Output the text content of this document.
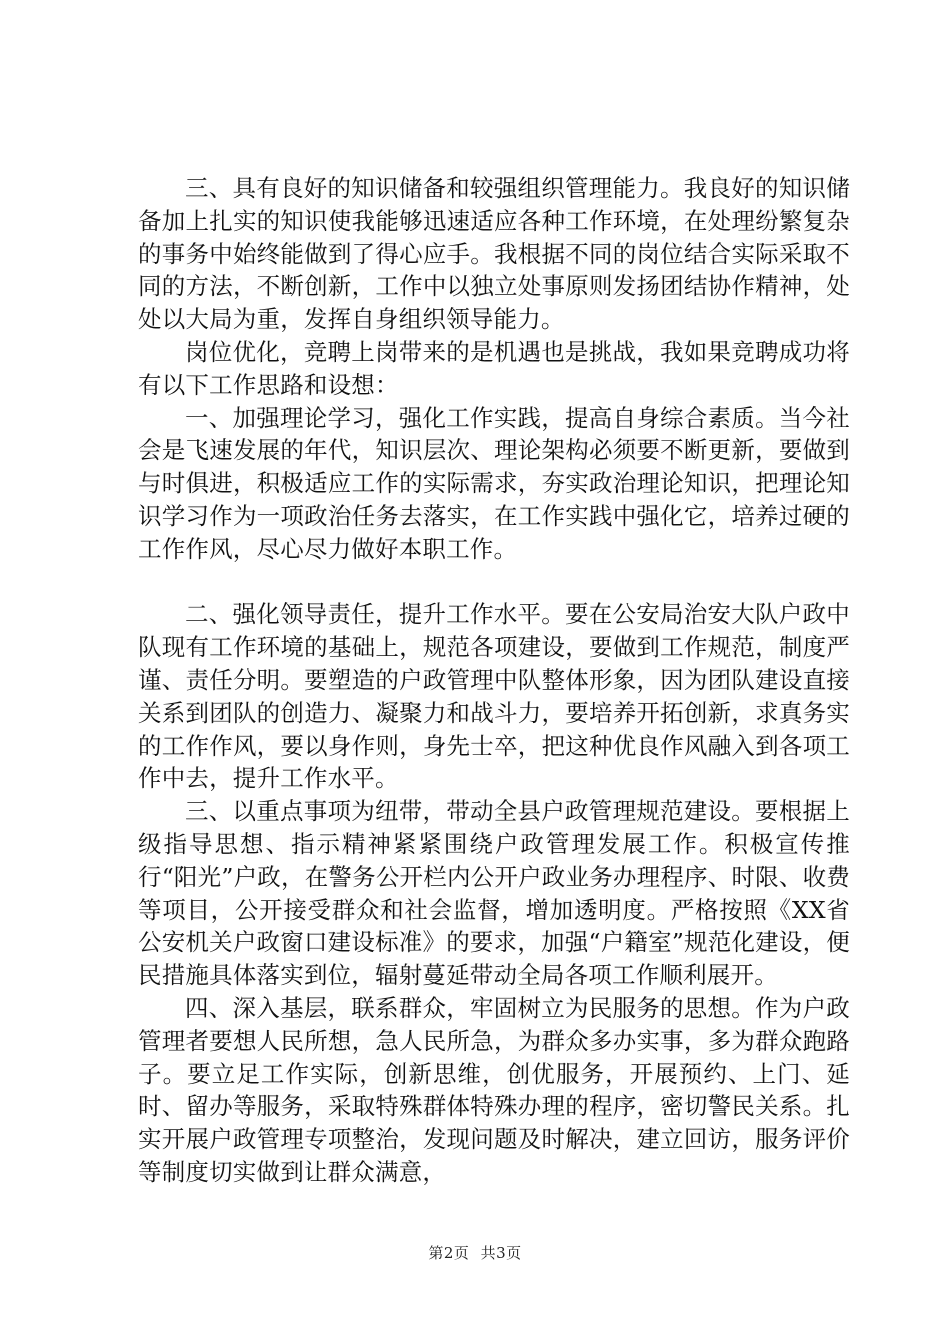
三、具有良好的知识储备和较强组织管理能力。我良好的知识储备加上扎实的知识使我能够迅速适应各种工作环境，在处理纷繁复杂的事务中始终能做到了得心应手。我根据不同的岗位结合实际采取不同的方法，不断创新，工作中以独立处事原则发扬团结协作精神，处处以大局为重，发挥自身组织领导能力。

岗位优化，竞聘上岗带来的是机遇也是挑战，我如果竞聘成功将有以下工作思路和设想：

一、加强理论学习，强化工作实践，提高自身综合素质。当今社会是飞速发展的年代，知识层次、理论架构必须要不断更新，要做到与时俱进，积极适应工作的实际需求，夯实政治理论知识，把理论知识学习作为一项政治任务去落实，在工作实践中强化它，培养过硬的工作作风，尽心尽力做好本职工作。

二、强化领导责任，提升工作水平。要在公安局治安大队户政中队现有工作环境的基础上，规范各项建设，要做到工作规范，制度严谨、责任分明。要塑造的户政管理中队整体形象，因为团队建设直接关系到团队的创造力、凝聚力和战斗力，要培养开拓创新，求真务实的工作作风，要以身作则，身先士卒，把这种优良作风融入到各项工作中去，提升工作水平。

三、以重点事项为纽带，带动全县户政管理规范建设。要根据上级指导思想、指示精神紧紧围绕户政管理发展工作。积极宣传推行“阳光”户政，在警务公开栏内公开户政业务办理程序、时限、收费等项目，公开接受群众和社会监督，增加透明度。严格按照《XX省公安机关户政窗口建设标准》的要求，加强“户籍室”规范化建设，便民措施具体落实到位，辐射蔓延带动全局各项工作顺利展开。

四、深入基层，联系群众，牢固树立为民服务的思想。作为户政管理者要想人民所想，急人民所急，为群众多办实事，多为群众跑路子。要立足工作实际，创新思维，创优服务，开展预约、上门、延时、留办等服务，采取特殊群体特殊办理的程序，密切警民关系。扎实开展户政管理专项整治，发现问题及时解决，建立回访，服务评价等制度切实做到让群众满意，

第2页 共3页
